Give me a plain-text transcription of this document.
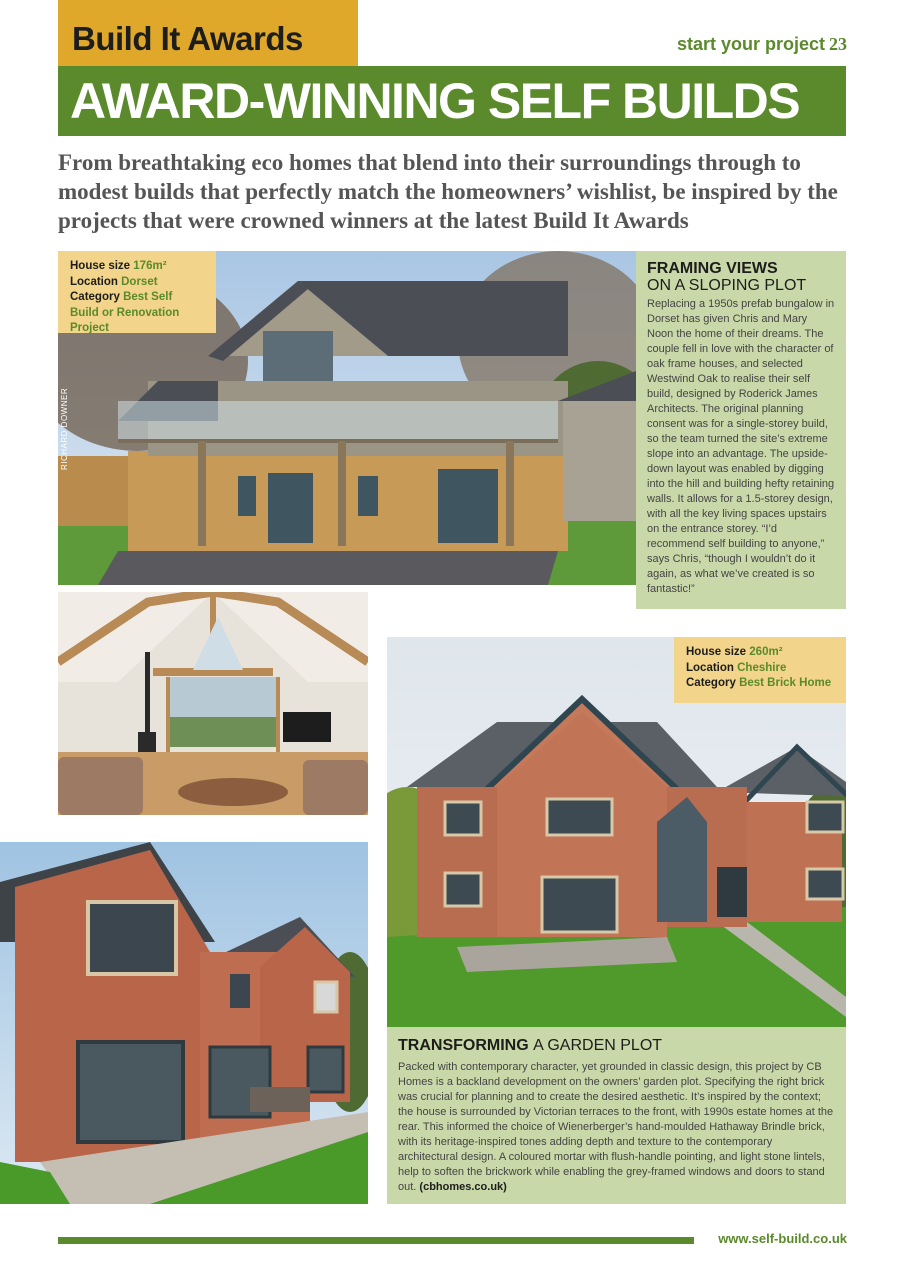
Build It Awards	start your project 23
AWARD-WINNING SELF BUILDS

From breathtaking eco homes that blend into their surroundings through to modest builds that perfectly match the homeowners’ wishlist, be inspired by the projects that were crowned winners at the latest Build It Awards

RICHARD DOWNER
House size 176m²
Location Dorset
Category Best Self Build or Renovation Project
FRAMING VIEWS
ON A SLOPING PLOT

Replacing a 1950s prefab bungalow in Dorset has given Chris and Mary Noon the home of their dreams. The couple fell in love with the character of oak frame houses, and selected Westwind Oak to realise their self build, designed by Roderick James Architects. The original planning consent was for a single-storey build, so the team turned the site’s extreme slope into an advantage. The upside-down layout was enabled by digging into the hill and building hefty retaining walls. It allows for a 1.5-storey design, with all the key living spaces upstairs on the entrance storey. “I’d recommend self building to anyone,” says Chris, “though I wouldn’t do it again, as what we’ve created is so fantastic!”

House size 260m²
Location Cheshire
Category Best Brick Home
TRANSFORMING A GARDEN PLOT

Packed with contemporary character, yet grounded in classic design, this project by CB Homes is a backland development on the owners’ garden plot. Specifying the right brick was crucial for planning and to create the desired aesthetic. It’s inspired by the context; the house is surrounded by Victorian terraces to the front, with 1990s estate homes at the rear. This informed the choice of Wienerberger’s hand-moulded Hathaway Brindle brick, with its heritage-inspired tones adding depth and texture to the contemporary architectural design. A coloured mortar with flush-handle pointing, and light stone lintels, help to soften the brickwork while enabling the grey-framed windows and doors to stand out. (cbhomes.co.uk)

www.self-build.co.uk
